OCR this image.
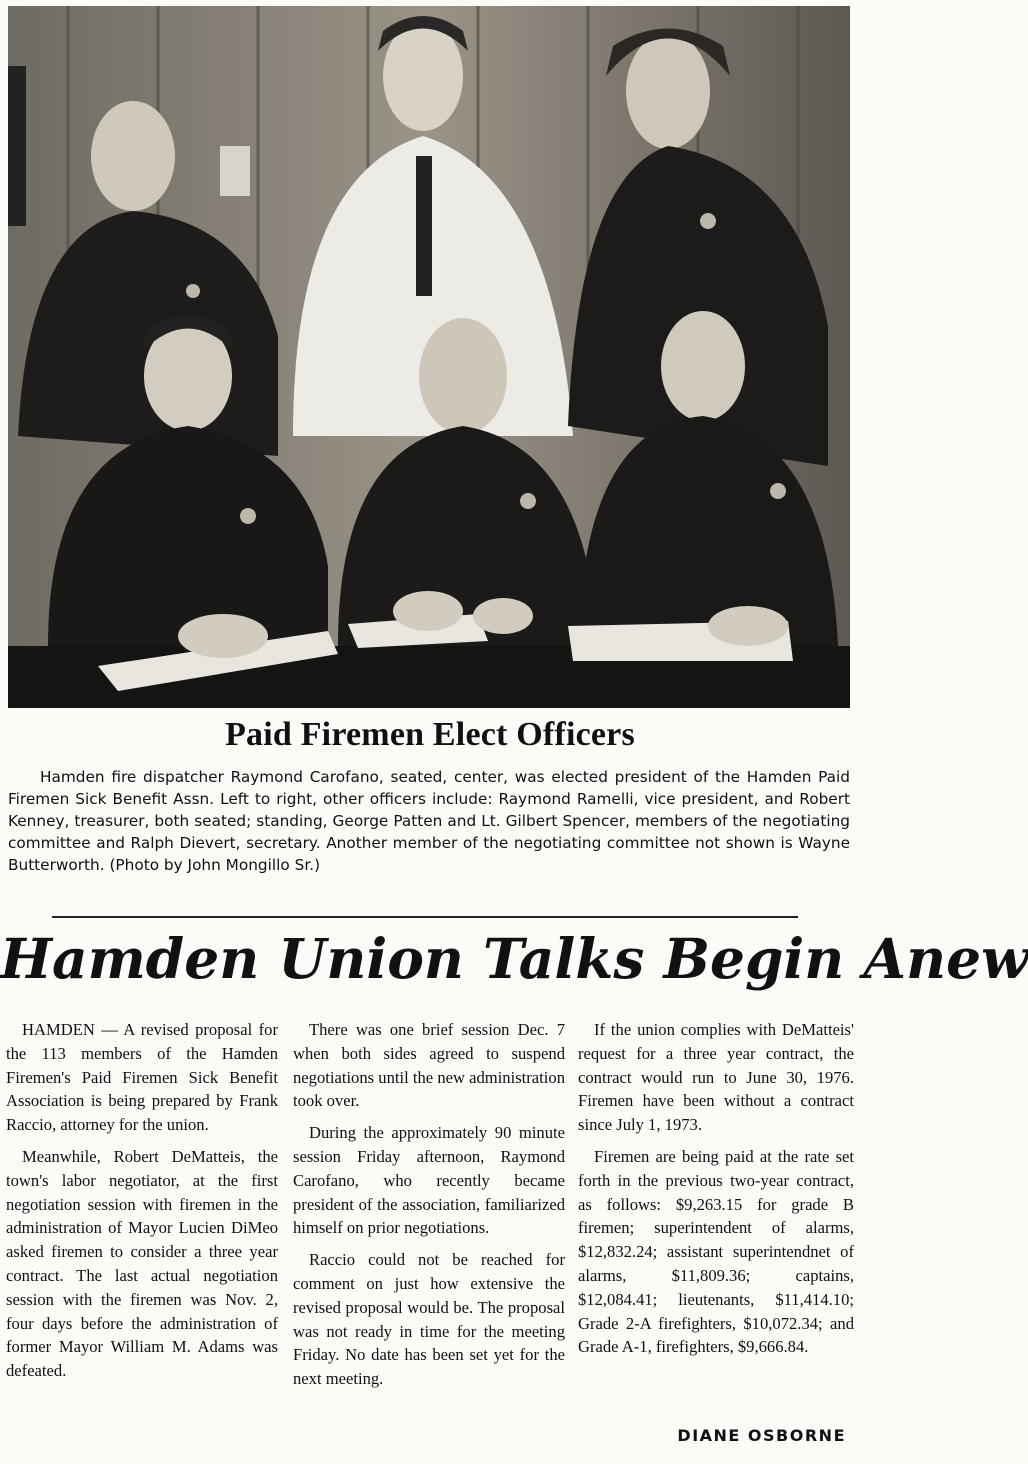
Paid Firemen Elect Officers
Hamden fire dispatcher Raymond Carofano, seated, center, was elected president of the Hamden Paid Firemen Sick Benefit Assn. Left to right, other officers include: Raymond Ramelli, vice president, and Robert Kenney, treasurer, both seated; standing, George Patten and Lt. Gilbert Spencer, members of the negotiating committee and Ralph Dievert, secretary. Another member of the negotiating committee not shown is Wayne Butterworth. (Photo by John Mongillo Sr.)
Hamden Union Talks Begin Anew

HAMDEN — A revised proposal for the 113 members of the Hamden Firemen's Paid Firemen Sick Benefit Association is being prepared by Frank Raccio, attorney for the union.

Meanwhile, Robert DeMatteis, the town's labor negotiator, at the first negotiation session with firemen in the administration of Mayor Lucien DiMeo asked firemen to consider a three year contract. The last actual negotiation session with the firemen was Nov. 2, four days before the administration of former Mayor William M. Adams was defeated.

There was one brief session Dec. 7 when both sides agreed to suspend negotiations until the new administration took over.

During the approximately 90 minute session Friday afternoon, Raymond Carofano, who recently became president of the association, familiarized himself on prior negotiations.

Raccio could not be reached for comment on just how extensive the revised proposal would be. The proposal was not ready in time for the meeting Friday. No date has been set yet for the next meeting.

If the union complies with DeMatteis' request for a three year contract, the contract would run to June 30, 1976. Firemen have been without a contract since July 1, 1973.

Firemen are being paid at the rate set forth in the previous two-year contract, as follows: $9,263.15 for grade B firemen; superintendent of alarms, $12,832.24; assistant superintendnet of alarms, $11,809.36; captains, $12,084.41; lieutenants, $11,414.10; Grade 2-A firefighters, $10,072.34; and Grade A-1, firefighters, $9,666.84.

DIANE OSBORNE
